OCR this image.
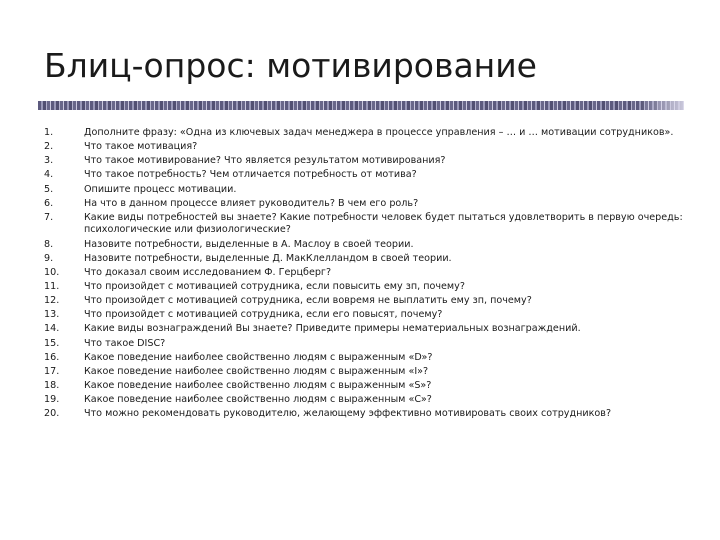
Блиц-опрос: мотивирование
1.	Дополните фразу: «Одна из ключевых задач менеджера в процессе управления – … и … мотивации сотрудников».
2.	Что такое мотивация?
3.	Что такое мотивирование? Что является результатом мотивирования?
4.	Что такое потребность? Чем отличается потребность от мотива?
5.	Опишите процесс мотивации.
6.	На что в данном процессе влияет руководитель? В чем его роль?
7.	Какие виды потребностей вы знаете? Какие потребности человек будет пытаться удовлетворить в первую очередь: психологические или физиологические?
8.	Назовите потребности, выделенные в А. Маслоу в своей теории.
9.	Назовите потребности, выделенные Д. МакКлелландом в своей теории.
10.	Что доказал своим исследованием Ф. Герцберг?
11.	Что произойдет с мотивацией сотрудника, если повысить ему зп, почему?
12.	Что произойдет с мотивацией сотрудника, если вовремя не выплатить ему зп, почему?
13.	Что произойдет с мотивацией сотрудника, если его повысят, почему?
14.	Какие виды вознаграждений Вы знаете? Приведите примеры нематериальных вознаграждений.
15.	Что такое DISC?
16.	Какое поведение наиболее свойственно людям с выраженным «D»?
17.	Какое поведение наиболее свойственно людям с выраженным «I»?
18.	Какое поведение наиболее свойственно людям с выраженным «S»?
19.	Какое поведение наиболее свойственно людям с выраженным «C»?
20.	Что можно рекомендовать руководителю, желающему эффективно мотивировать своих сотрудников?
